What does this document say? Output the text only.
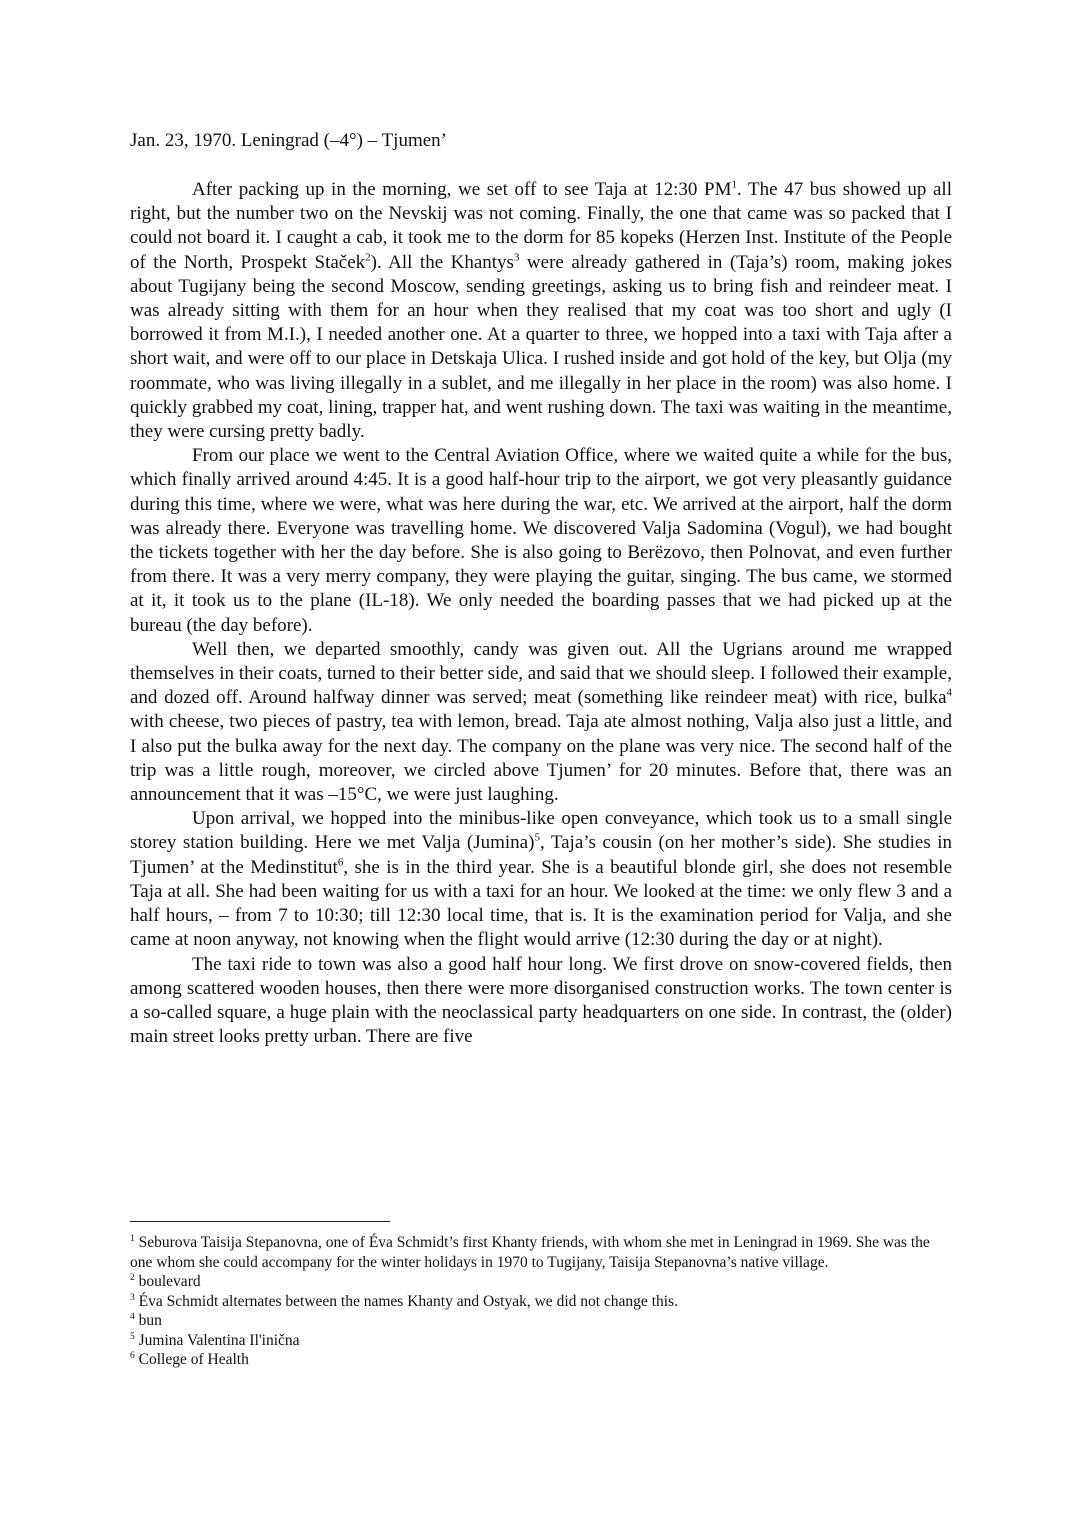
Jan. 23, 1970. Leningrad (–4°) – Tjumen’

After packing up in the morning, we set off to see Taja at 12:30 $PM^1$. The 47 bus showed up all right, but the number two on the Nevskij was not coming. Finally, the one that came was so packed that I could not board it. I caught a cab, it took me to the dorm for 85 kopeks (Herzen Inst. Institute of the People of the North, Prospekt Staček$^2$). All the Khantys$^3$ were already gathered in (Taja’s) room, making jokes about Tugijany being the second Moscow, sending greetings, asking us to bring fish and reindeer meat. I was already sitting with them for an hour when they realised that my coat was too short and ugly (I borrowed it from M.I.), I needed another one. At a quarter to three, we hopped into a taxi with Taja after a short wait, and were off to our place in Detskaja Ulica. I rushed inside and got hold of the key, but Olja (my roommate, who was living illegally in a sublet, and me illegally in her place in the room) was also home. I quickly grabbed my coat, lining, trapper hat, and went rushing down. The taxi was waiting in the meantime, they were cursing pretty badly.

From our place we went to the Central Aviation Office, where we waited quite a while for the bus, which finally arrived around 4:45. It is a good half-hour trip to the airport, we got very pleasantly guidance during this time, where we were, what was here during the war, etc. We arrived at the airport, half the dorm was already there. Everyone was travelling home. We discovered Valja Sadomina (Vogul), we had bought the tickets together with her the day before. She is also going to Berëzovo, then Polnovat, and even further from there. It was a very merry company, they were playing the guitar, singing. The bus came, we stormed at it, it took us to the plane (IL-18). We only needed the boarding passes that we had picked up at the bureau (the day before).

Well then, we departed smoothly, candy was given out. All the Ugrians around me wrapped themselves in their coats, turned to their better side, and said that we should sleep. I followed their example, and dozed off. Around halfway dinner was served; meat (something like reindeer meat) with rice, bulka$^4$ with cheese, two pieces of pastry, tea with lemon, bread. Taja ate almost nothing, Valja also just a little, and I also put the bulka away for the next day. The company on the plane was very nice. The second half of the trip was a little rough, moreover, we circled above Tjumen’ for 20 minutes. Before that, there was an announcement that it was –15°C, we were just laughing.

Upon arrival, we hopped into the minibus-like open conveyance, which took us to a small single storey station building. Here we met Valja $(Jumina)^5$, Taja’s cousin (on her mother’s side). She studies in Tjumen’ at the Medinstitut$^6$, she is in the third year. She is a beautiful blonde girl, she does not resemble Taja at all. She had been waiting for us with a taxi for an hour. We looked at the time: we only flew 3 and a half hours, – from 7 to 10:30; till 12:30 local time, that is. It is the examination period for Valja, and she came at noon anyway, not knowing when the flight would arrive (12:30 during the day or at night).

The taxi ride to town was also a good half hour long. We first drove on snow-covered fields, then among scattered wooden houses, then there were more disorganised construction works. The town center is a so-called square, a huge plain with the neoclassical party headquarters on one side. In contrast, the (older) main street looks pretty urban. There are five

$^1$ Seburova Taisija Stepanovna, one of Éva Schmidt’s first Khanty friends, with whom she met in Leningrad in 1969. She was the one whom she could accompany for the winter holidays in 1970 to Tugijany, Taisija Stepanovna’s native village.

$^2$ boulevard

$^3$ Éva Schmidt alternates between the names Khanty and Ostyak, we did not change this.

$^4$ bun

$^5$ Jumina Valentina Il'inična

$^6$ College of Health
